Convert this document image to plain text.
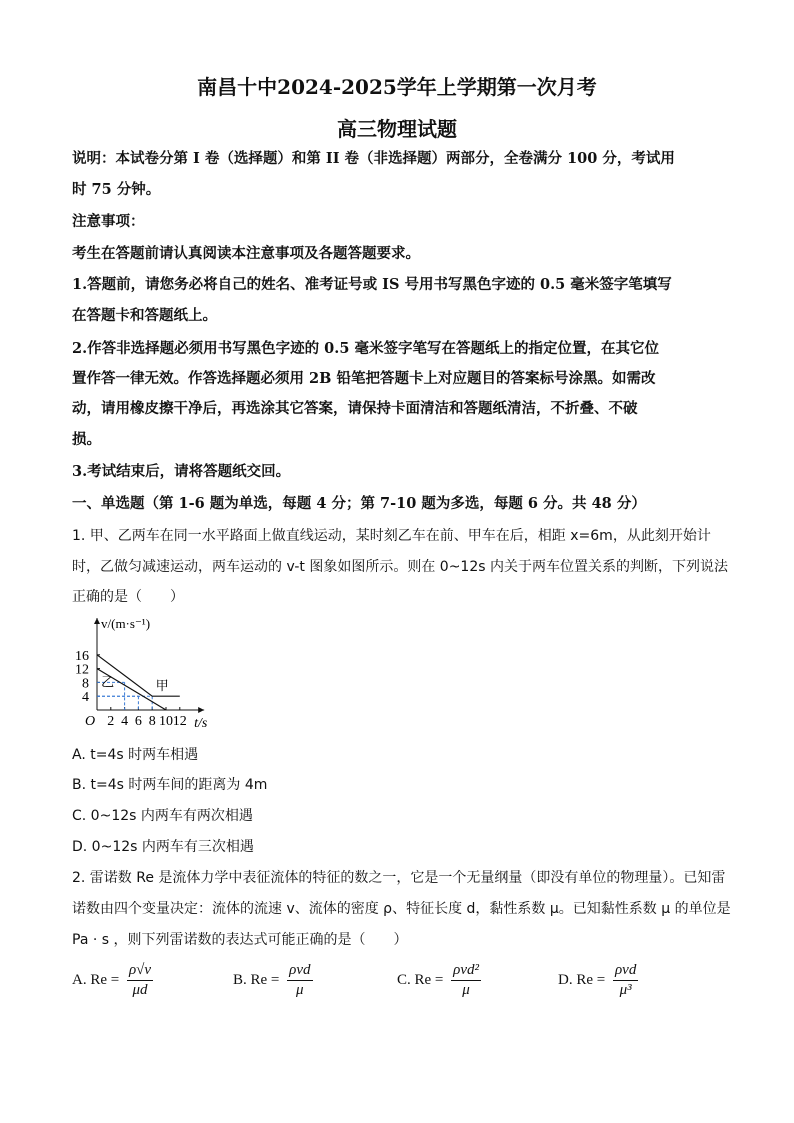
南昌十中2024-2025学年上学期第一次月考
高三物理试题
说明：本试卷分第 I 卷（选择题）和第 II 卷（非选择题）两部分，全卷满分 100 分，考试用
时 75 分钟。
注意事项：
考生在答题前请认真阅读本注意事项及各题答题要求。
1.答题前，请您务必将自己的姓名、准考证号或 IS 号用书写黑色字迹的 0.5 毫米签字笔填写
在答题卡和答题纸上。
2.作答非选择题必须用书写黑色字迹的 0.5 毫米签字笔写在答题纸上的指定位置，在其它位
置作答一律无效。作答选择题必须用 2B 铅笔把答题卡上对应题目的答案标号涂黑。如需改
动，请用橡皮擦干净后，再选涂其它答案，请保持卡面清洁和答题纸清洁，不折叠、不破
损。
3.考试结束后，请将答题纸交回。
一、单选题（第 1-6 题为单选，每题 4 分；第 7-10 题为多选，每题 6 分。共 48 分）
1. 甲、乙两车在同一水平路面上做直线运动，某时刻乙车在前、甲车在后，相距 x=6m，从此刻开始计
时，乙做匀减速运动，两车运动的 v-t 图象如图所示。则在 0~12s 内关于两车位置关系的判断，下列说法
正确的是（　　）
v/(m·s⁻¹)
t/s
O 2 4 6 8 10 12
4
8
12
16
甲
乙
A. t=4s 时两车相遇
B. t=4s 时两车间的距离为 4m
C. 0~12s 内两车有两次相遇
D. 0~12s 内两车有三次相遇
2. 雷诺数 Re 是流体力学中表征流体的特征的数之一，它是一个无量纲量（即没有单位的物理量）。已知雷
诺数由四个变量决定：流体的流速 v、流体的密度 ρ、特征长度 d，黏性系数 μ。已知黏性系数 μ 的单位是
Pa · s ，则下列雷诺数的表达式可能正确的是（　　）
A. $Re = \frac{\rho√v}{\mu d}$	B. $Re = \frac{\text{ρvd}}{\mu}$	C. $Re = \frac{\text{ρvd²}}{\mu}$	D. $Re = \frac{\text{ρvd}}{\text{μ³}}$
